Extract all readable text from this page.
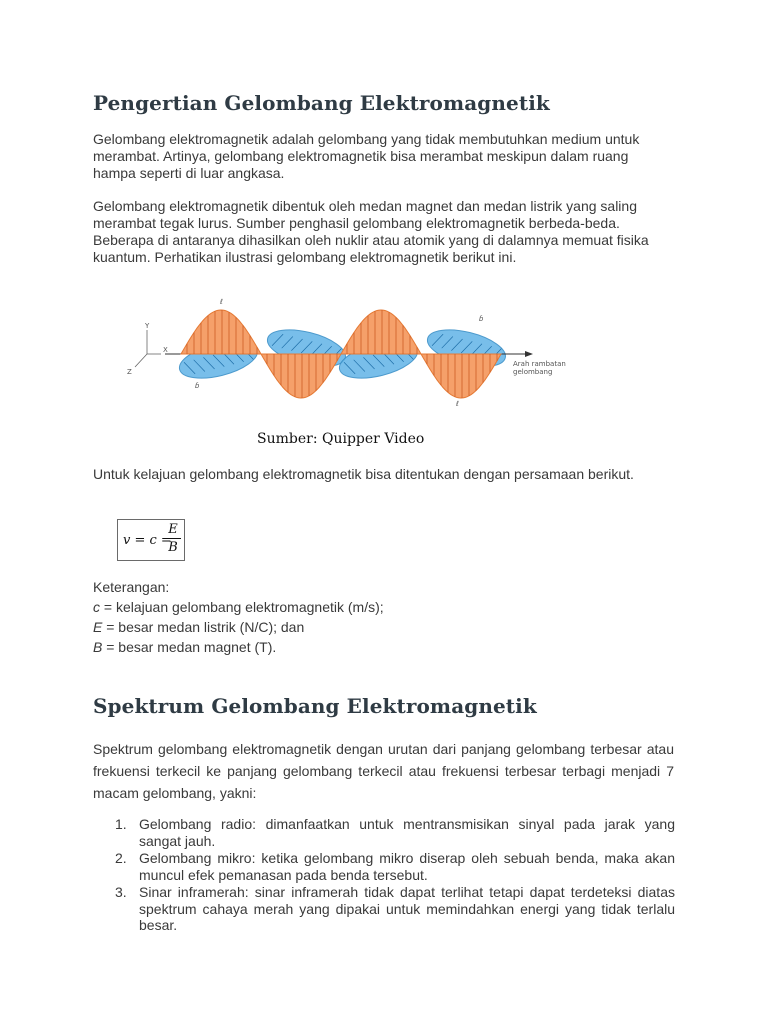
Pengertian Gelombang Elektromagnetik

Gelombang elektromagnetik adalah gelombang yang tidak membutuhkan medium untuk merambat. Artinya, gelombang elektromagnetik bisa merambat meskipun dalam ruang hampa seperti di luar angkasa.

Gelombang elektromagnetik dibentuk oleh medan magnet dan medan listrik yang saling merambat tegak lurus. Sumber penghasil gelombang elektromagnetik berbeda-beda. Beberapa di antaranya dihasilkan oleh nuklir atau atomik yang di dalamnya memuat fisika kuantum. Perhatikan ilustrasi gelombang elektromagnetik berikut ini.

Y
X
Z
ℓ
ɓ
ɓ
ℓ
Arah rambatan
gelombang
Sumber: Quipper Video

Untuk kelajuan gelombang elektromagnetik bisa ditentukan dengan persamaan berikut.

v = c =
E
B

Keterangan:
c = kelajuan gelombang elektromagnetik (m/s);
E = besar medan listrik (N/C); dan
B = besar medan magnet (T).

Spektrum Gelombang Elektromagnetik

Spektrum gelombang elektromagnetik dengan urutan dari panjang gelombang terbesar atau frekuensi terkecil ke panjang gelombang terkecil atau frekuensi terbesar terbagi menjadi 7 macam gelombang, yakni:

1. Gelombang radio: dimanfaatkan untuk mentransmisikan sinyal pada jarak yang sangat jauh.
2. Gelombang mikro: ketika gelombang mikro diserap oleh sebuah benda, maka akan muncul efek pemanasan pada benda tersebut.
3. Sinar inframerah: sinar inframerah tidak dapat terlihat tetapi dapat terdeteksi diatas spektrum cahaya merah yang dipakai untuk memindahkan energi yang tidak terlalu besar.
